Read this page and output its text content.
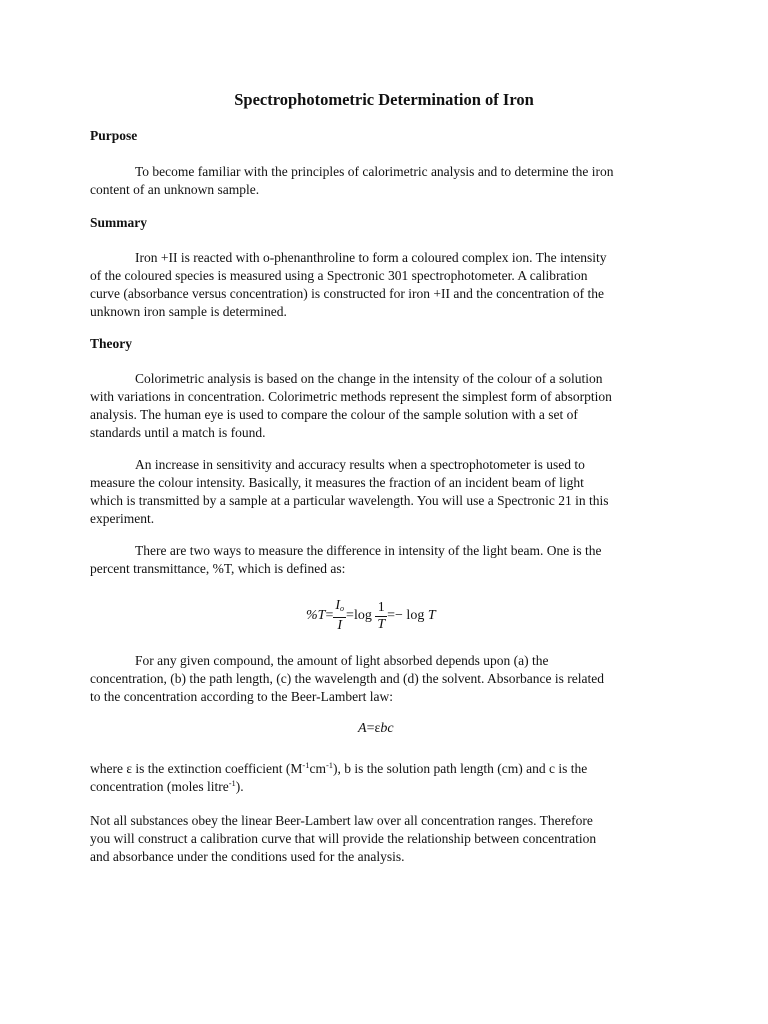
Spectrophotometric Determination of Iron
Purpose

To become familiar with the principles of calorimetric analysis and to determine the iron
content of an unknown sample.

Summary

Iron +II is reacted with o-phenanthroline to form a coloured complex ion. The intensity
of the coloured species is measured using a Spectronic 301 spectrophotometer. A calibration
curve (absorbance versus concentration) is constructed for iron +II and the concentration of the
unknown iron sample is determined.

Theory

Colorimetric analysis is based on the change in the intensity of the colour of a solution
with variations in concentration. Colorimetric methods represent the simplest form of absorption
analysis. The human eye is used to compare the colour of the sample solution with a set of
standards until a match is found.

An increase in sensitivity and accuracy results when a spectrophotometer is used to
measure the colour intensity. Basically, it measures the fraction of an incident beam of light
which is transmitted by a sample at a particular wavelength. You will use a Spectronic 21 in this
experiment.

There are two ways to measure the difference in intensity of the light beam. One is the
percent transmittance, %T, which is defined as:

$\%T= \frac{I_o}{I} =\log \frac{1}{T} =- \log T$

For any given compound, the amount of light absorbed depends upon (a) the
concentration, (b) the path length, (c) the wavelength and (d) the solvent. Absorbance is related
to the concentration according to the Beer-Lambert law:

A=εbc

where ε is the extinction coefficient $(M^{-1}cm^{-1})$, b is the solution path length (cm) and c is the
concentration (moles litre$^{-1}$).

Not all substances obey the linear Beer-Lambert law over all concentration ranges. Therefore
you will construct a calibration curve that will provide the relationship between concentration
and absorbance under the conditions used for the analysis.
